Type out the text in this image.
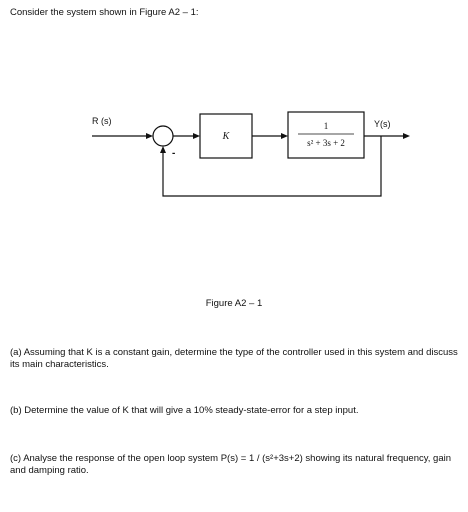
Consider the system shown in Figure A2 – 1:
R (s)
-
K
1
s² + 3s + 2
Y(s)
Figure A2 – 1
(a) Assuming that K is a constant gain, determine the type of the controller used in this system and discuss its main characteristics.
(b) Determine the value of K that will give a 10% steady-state-error for a step input.
(c) Analyse the response of the open loop system P(s) = 1 / (s²+3s+2) showing its natural frequency, gain and damping ratio.
